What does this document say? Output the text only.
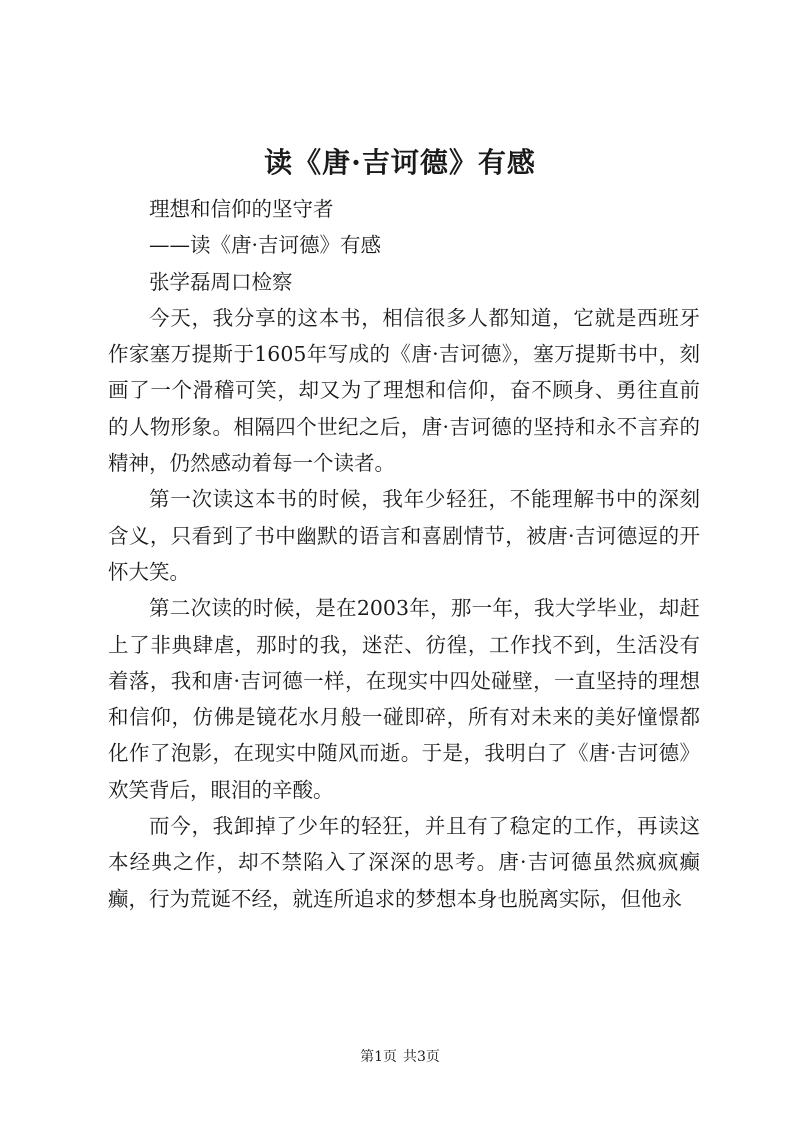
读《唐·吉诃德》有感

理想和信仰的坚守者

——读《唐·吉诃德》有感

张学磊周口检察

今天，我分享的这本书，相信很多人都知道，它就是西班牙作家塞万提斯于1605年写成的《唐·吉诃德》，塞万提斯书中，刻画了一个滑稽可笑，却又为了理想和信仰，奋不顾身、勇往直前的人物形象。相隔四个世纪之后，唐·吉诃德的坚持和永不言弃的精神，仍然感动着每一个读者。

第一次读这本书的时候，我年少轻狂，不能理解书中的深刻含义，只看到了书中幽默的语言和喜剧情节，被唐·吉诃德逗的开怀大笑。

第二次读的时候，是在2003年，那一年，我大学毕业，却赶上了非典肆虐，那时的我，迷茫、彷徨，工作找不到，生活没有着落，我和唐·吉诃德一样，在现实中四处碰壁，一直坚持的理想和信仰，仿佛是镜花水月般一碰即碎，所有对未来的美好憧憬都化作了泡影，在现实中随风而逝。于是，我明白了《唐·吉诃德》欢笑背后，眼泪的辛酸。

而今，我卸掉了少年的轻狂，并且有了稳定的工作，再读这本经典之作，却不禁陷入了深深的思考。唐·吉诃德虽然疯疯癫癫，行为荒诞不经，就连所追求的梦想本身也脱离实际，但他永

第1页 共3页
